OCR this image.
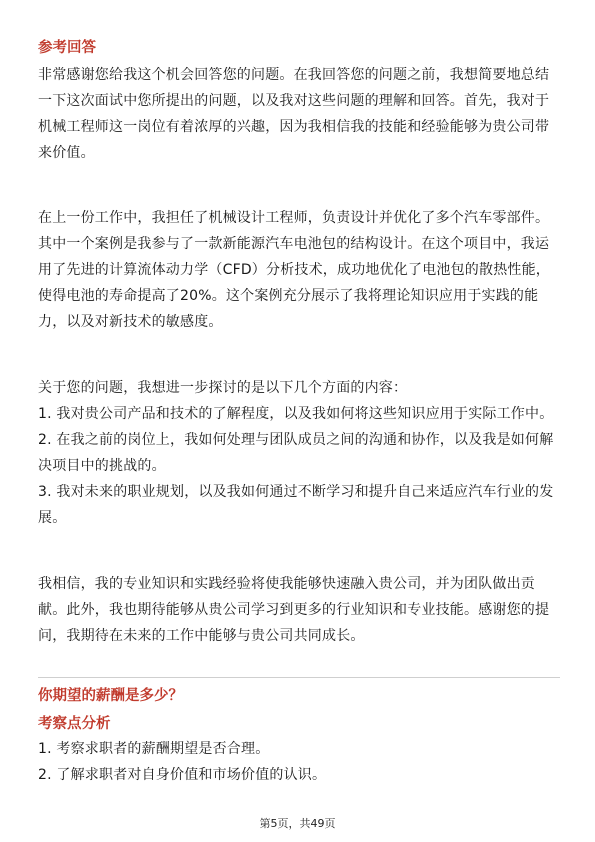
参考回答

非常感谢您给我这个机会回答您的问题。在我回答您的问题之前，我想简要地总结
一下这次面试中您所提出的问题，以及我对这些问题的理解和回答。首先，我对于
机械工程师这一岗位有着浓厚的兴趣，因为我相信我的技能和经验能够为贵公司带
来价值。

在上一份工作中，我担任了机械设计工程师，负责设计并优化了多个汽车零部件。
其中一个案例是我参与了一款新能源汽车电池包的结构设计。在这个项目中，我运
用了先进的计算流体动力学（CFD）分析技术，成功地优化了电池包的散热性能，
使得电池的寿命提高了20%。这个案例充分展示了我将理论知识应用于实践的能
力，以及对新技术的敏感度。

关于您的问题，我想进一步探讨的是以下几个方面的内容：
1. 我对贵公司产品和技术的了解程度，以及我如何将这些知识应用于实际工作中。
2. 在我之前的岗位上，我如何处理与团队成员之间的沟通和协作，以及我是如何解
决项目中的挑战的。
3. 我对未来的职业规划，以及我如何通过不断学习和提升自己来适应汽车行业的发
展。

我相信，我的专业知识和实践经验将使我能够快速融入贵公司，并为团队做出贡
献。此外，我也期待能够从贵公司学习到更多的行业知识和专业技能。感谢您的提
问，我期待在未来的工作中能够与贵公司共同成长。

你期望的薪酬是多少？
考察点分析

1. 考察求职者的薪酬期望是否合理。
2. 了解求职者对自身价值和市场价值的认识。

第5页，共49页
